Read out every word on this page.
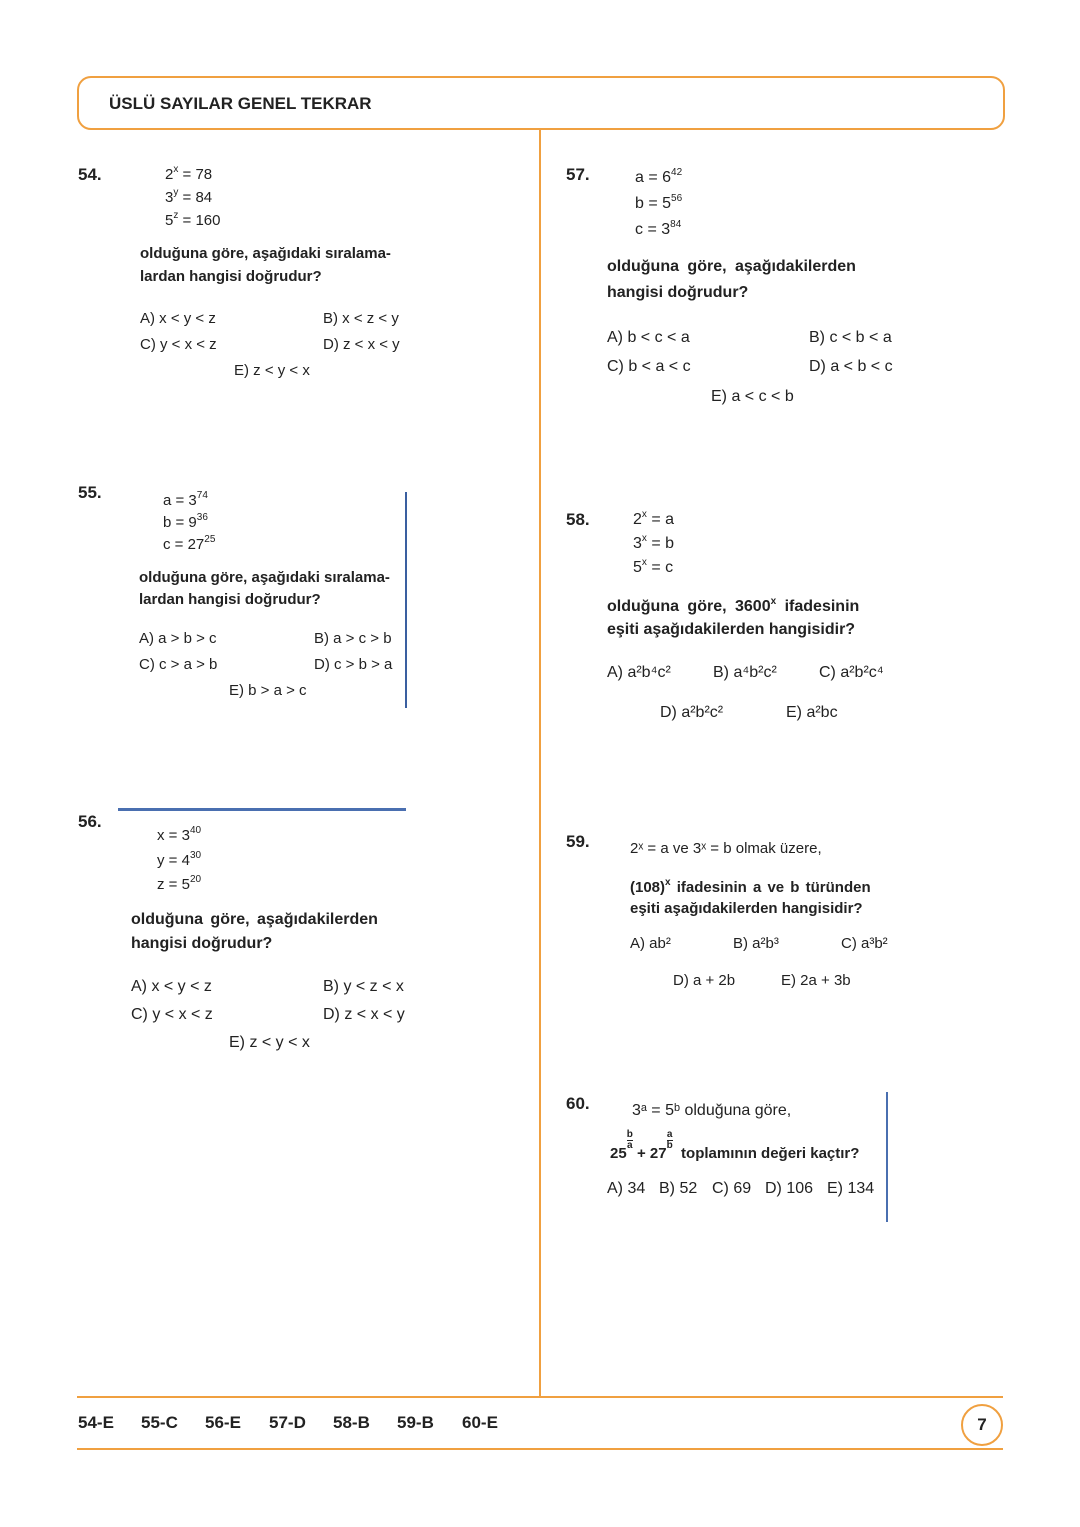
ÜSLÜ SAYILAR GENEL TEKRAR
54.	$2^x = 78$
$3^y = 84$
$5^z = 160$
olduğuna göre, aşağıdaki sıralama-
lardan hangisi doğrudur?
A) x < y < z	B) x < z < y
C) y < x < z	D) z < x < y
E) z < y < x
55.	$a = 3^{74}$
$b = 9^{36}$
$c = 27^{25}$
olduğuna göre, aşağıdaki sıralama-
lardan hangisi doğrudur?
A) a > b > c	B) a > c > b
C) c > a > b	D) c > b > a
E) b > a > c
56.
$x = 3^{40}$
$y = 4^{30}$
$z = 5^{20}$
olduğuna göre, aşağıdakilerden
hangisi doğrudur?
A) x < y < z	B) y < z < x
C) y < x < z	D) z < x < y
E) z < y < x
57.	$a = 6^{42}$
$b = 5^{56}$
$c = 3^{84}$
olduğuna göre, aşağıdakilerden
hangisi doğrudur?
A) b < c < a	B) c < b < a
C) b < a < c	D) a < b < c
E) a < c < b
58.	$2^x = a$
$3^x = b$
$5^x = c$
olduğuna göre, 3600$^x$ ifadesinin
eşiti aşağıdakilerden hangisidir?
A) a²b⁴c²	B) a⁴b²c²	C) a²b²c⁴
D) a²b²c²	E) a²bc
59.	2ˣ = a ve 3ˣ = b olmak üzere,
$(108)^x$ ifadesinin a ve b türünden
eşiti aşağıdakilerden hangisidir?
A) ab²	B) a²b³	C) a³b²
D) a + 2b	E) 2a + 3b
60.	3ᵃ = 5ᵇ olduğuna göre,
25
$\frac{b}{a} + 27$
$\frac{a}{b}$  toplamının değeri kaçtır?
A) 34 B) 52 C) 69 D) 106 E) 134
54-E 55-C 56-E 57-D 58-B 59-B 60-E	7
